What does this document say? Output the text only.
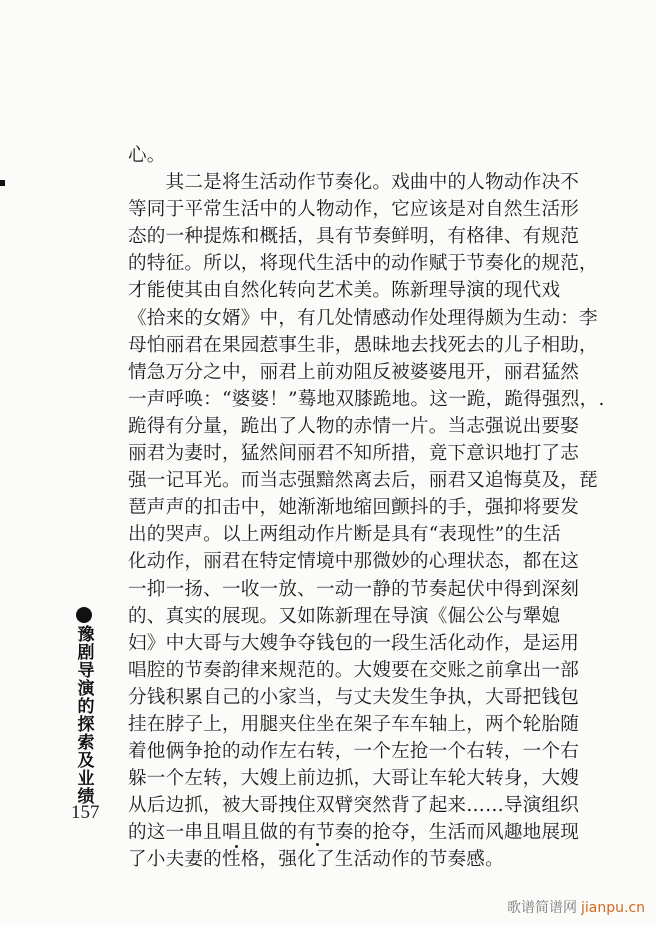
心。
　　其二是将生活动作节奏化。戏曲中的人物动作决不
等同于平常生活中的人物动作，它应该是对自然生活形
态的一种提炼和概括，具有节奏鲜明，有格律、有规范
的特征。所以，将现代生活中的动作赋于节奏化的规范，
才能使其由自然化转向艺术美。陈新理导演的现代戏
《拾来的女婿》中，有几处情感动作处理得颇为生动：李
母怕丽君在果园惹事生非，愚昧地去找死去的儿子相助，
情急万分之中，丽君上前劝阻反被婆婆甩开，丽君猛然
一声呼唤：“婆婆！”蓦地双膝跪地。这一跪，跪得强烈，.
跪得有分量，跪出了人物的赤情一片。当志强说出要娶
丽君为妻时，猛然间丽君不知所措，竟下意识地打了志
强一记耳光。而当志强黯然离去后，丽君又追悔莫及，琵
琶声声的扣击中，她渐渐地缩回颤抖的手，强抑将要发
出的哭声。以上两组动作片断是具有“表现性”的生活
化动作，丽君在特定情境中那微妙的心理状态，都在这
一抑一扬、一收一放、一动一静的节奏起伏中得到深刻
的、真实的展现。又如陈新理在导演《倔公公与犟媳
妇》中大哥与大嫂争夺钱包的一段生活化动作，是运用
唱腔的节奏韵律来规范的。大嫂要在交账之前拿出一部
分钱积累自己的小家当，与丈夫发生争执，大哥把钱包
挂在脖子上，用腿夹住坐在架子车车轴上，两个轮胎随
着他俩争抢的动作左右转，一个左抢一个右转，一个右
躲一个左转，大嫂上前边抓，大哥让车轮大转身，大嫂
从后边抓，被大哥拽住双臂突然背了起来……导演组织
的这一串且唱且做的有节奏的抢夺，生活而风趣地展现
了小夫妻的性格，强化了生活动作的节奏感。
豫剧导演的探索及业绩
157
歌谱简谱网 jianpu.cn
